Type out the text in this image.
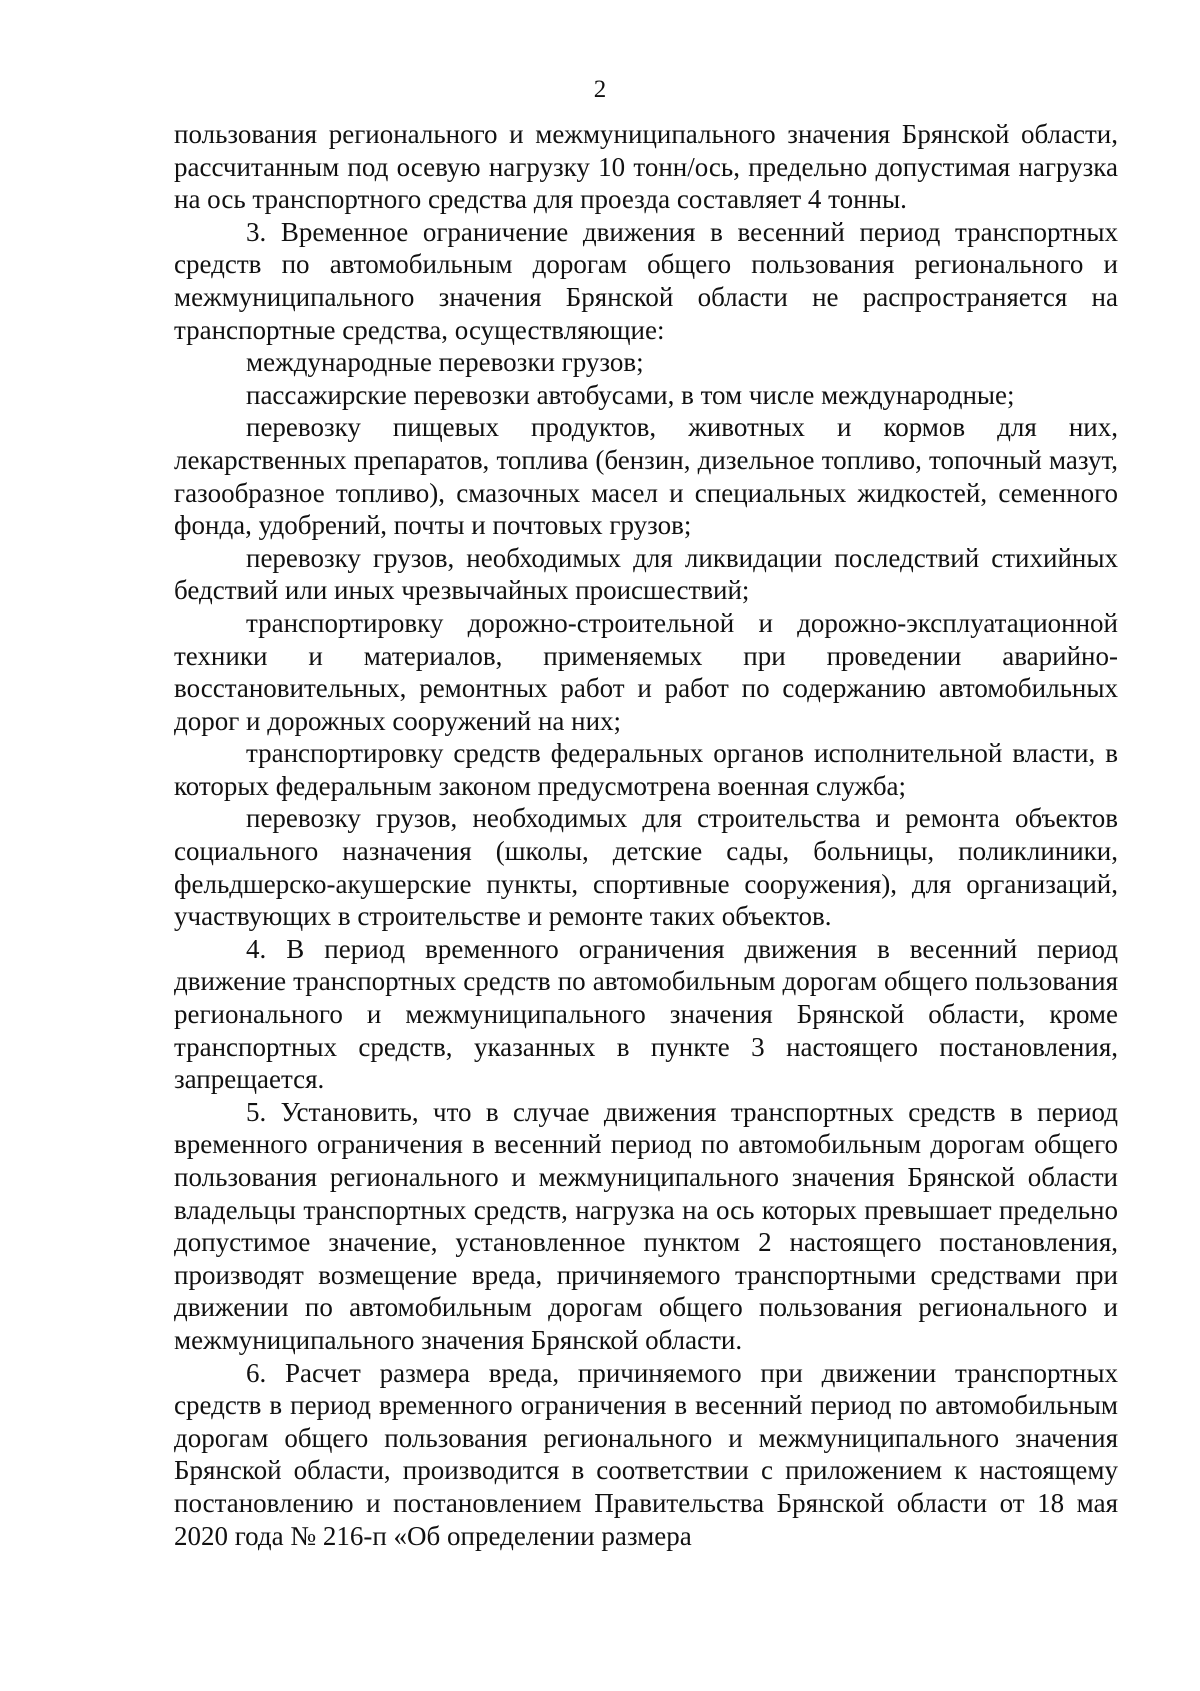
2

пользования регионального и межмуниципального значения Брянской области, рассчитанным под осевую нагрузку 10 тонн/ось, предельно допустимая нагрузка на ось транспортного средства для проезда составляет 4 тонны.

3. Временное ограничение движения в весенний период транспортных средств по автомобильным дорогам общего пользования регионального и межмуниципального значения Брянской области не распространяется на транспортные средства, осуществляющие:

международные перевозки грузов;

пассажирские перевозки автобусами, в том числе международные;

перевозку пищевых продуктов, животных и кормов для них, лекарственных препаратов, топлива (бензин, дизельное топливо, топочный мазут, газообразное топливо), смазочных масел и специальных жидкостей, семенного фонда, удобрений, почты и почтовых грузов;

перевозку грузов, необходимых для ликвидации последствий стихийных бедствий или иных чрезвычайных происшествий;

транспортировку дорожно-строительной и дорожно-эксплуатационной техники и материалов, применяемых при проведении аварийно-восстановительных, ремонтных работ и работ по содержанию автомобильных дорог и дорожных сооружений на них;

транспортировку средств федеральных органов исполнительной власти, в которых федеральным законом предусмотрена военная служба;

перевозку грузов, необходимых для строительства и ремонта объектов социального назначения (школы, детские сады, больницы, поликлиники, фельдшерско-акушерские пункты, спортивные сооружения), для организаций, участвующих в строительстве и ремонте таких объектов.

4. В период временного ограничения движения в весенний период движение транспортных средств по автомобильным дорогам общего пользования регионального и межмуниципального значения Брянской области, кроме транспортных средств, указанных в пункте 3 настоящего постановления, запрещается.

5. Установить, что в случае движения транспортных средств в период временного ограничения в весенний период по автомобильным дорогам общего пользования регионального и межмуниципального значения Брянской области владельцы транспортных средств, нагрузка на ось которых превышает предельно допустимое значение, установленное пунктом 2 настоящего постановления, производят возмещение вреда, причиняемого транспортными средствами при движении по автомобильным дорогам общего пользования регионального и межмуниципального значения Брянской области.

6. Расчет размера вреда, причиняемого при движении транспортных средств в период временного ограничения в весенний период по автомобильным дорогам общего пользования регионального и межмуниципального значения Брянской области, производится в соответствии с приложением к настоящему постановлению и постановлением Правительства Брянской области от 18 мая 2020 года № 216-п «Об определении размера
